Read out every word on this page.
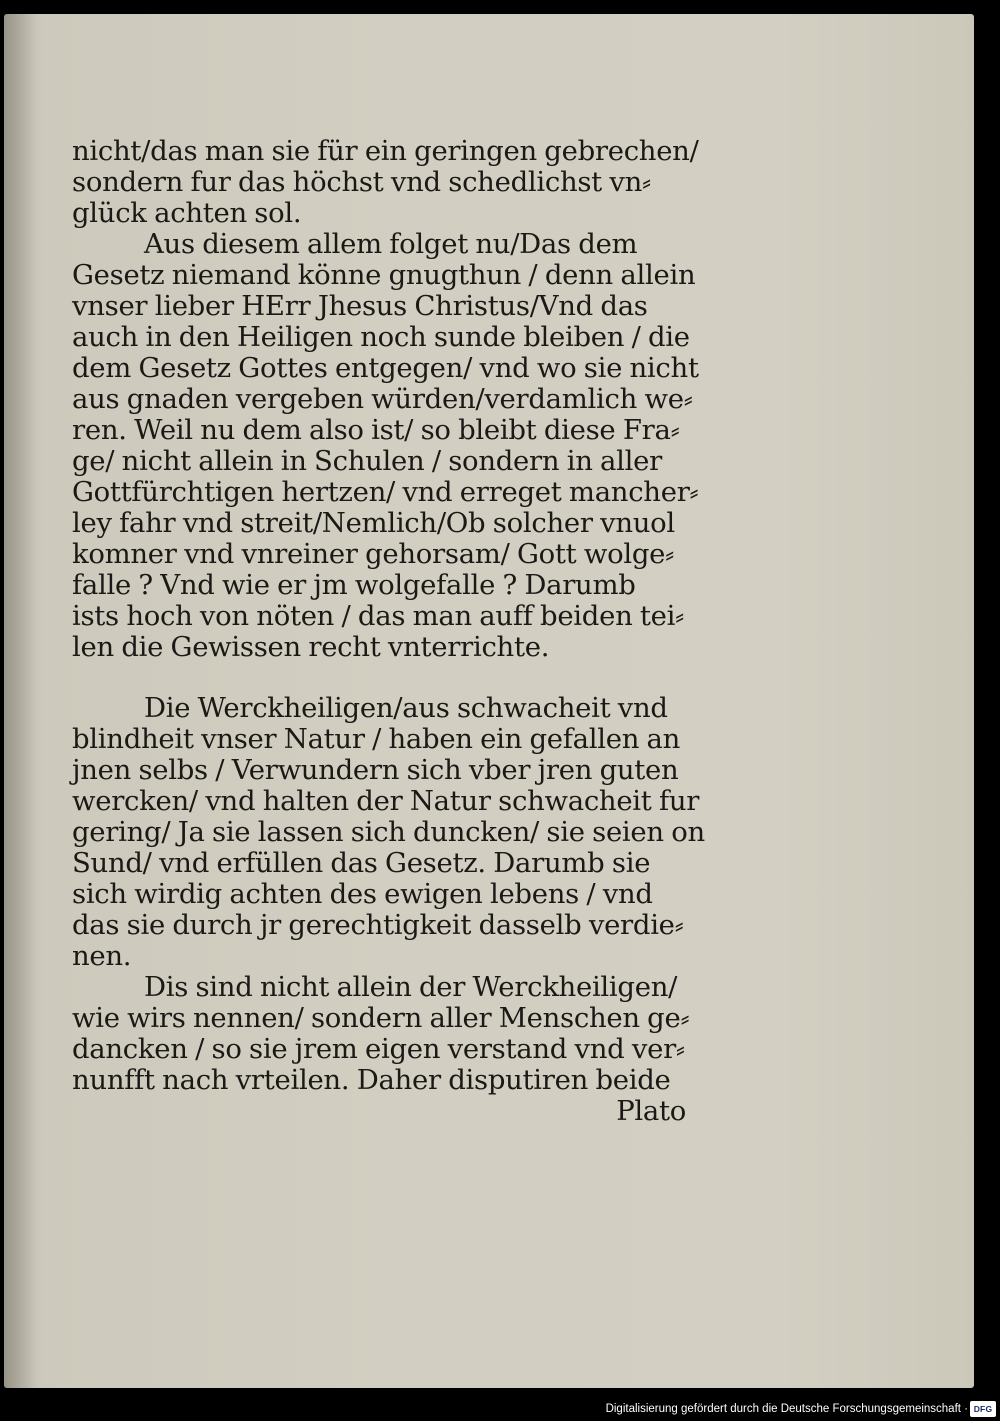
nicht/das man sie für ein geringen gebrechen/
sondern fur das höchst vnd schedlichst vn⸗
glück achten sol.
Aus diesem allem folget nu/Das dem
Gesetz niemand könne gnugthun / denn allein
vnser lieber HErr Jhesus Christus/Vnd das
auch in den Heiligen noch sunde bleiben / die
dem Gesetz Gottes entgegen/ vnd wo sie nicht
aus gnaden vergeben würden/verdamlich we⸗
ren. Weil nu dem also ist/ so bleibt diese Fra⸗
ge/ nicht allein in Schulen / sondern in aller
Gottfürchtigen hertzen/ vnd erreget mancher⸗
ley fahr vnd streit/Nemlich/Ob solcher vnuol
komner vnd vnreiner gehorsam/ Gott wolge⸗
falle ? Vnd wie er jm wolgefalle ? Darumb
ists hoch von nöten / das man auff beiden tei⸗
len die Gewissen recht vnterrichte.
Die Werckheiligen/aus schwacheit vnd
blindheit vnser Natur / haben ein gefallen an
jnen selbs / Verwundern sich vber jren guten
wercken/ vnd halten der Natur schwacheit fur
gering/ Ja sie lassen sich duncken/ sie seien on
Sund/ vnd erfüllen das Gesetz. Darumb sie
sich wirdig achten des ewigen lebens / vnd
das sie durch jr gerechtigkeit dasselb verdie⸗
nen.
Dis sind nicht allein der Werckheiligen/
wie wirs nennen/ sondern aller Menschen ge⸗
dancken / so sie jrem eigen verstand vnd ver⸗
nunfft nach vrteilen. Daher disputiren beide
Plato
Digitalisierung gefördert durch die Deutsche Forschungsgemeinschaft · DFG
